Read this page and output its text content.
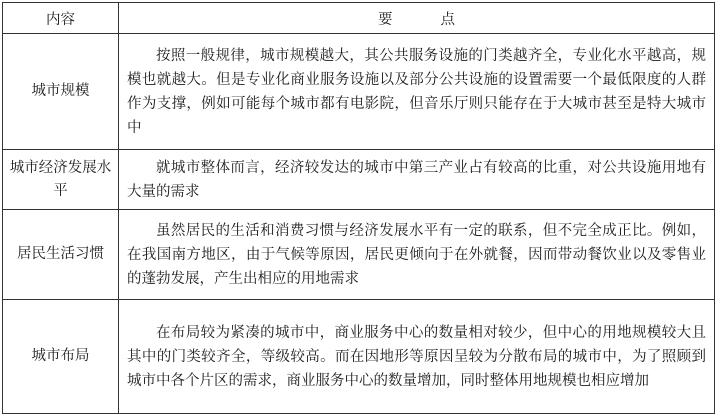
内容	要点
城市规模	按照一般规律，城市规模越大，其公共服务设施的门类越齐全，专业化水平越高，规模也就越大。但是专业化商业服务设施以及部分公共设施的设置需要一个最低限度的人群作为支撑，例如可能每个城市都有电影院，但音乐厅则只能存在于大城市甚至是特大城市中
城市经济发展水平	就城市整体而言，经济较发达的城市中第三产业占有较高的比重，对公共设施用地有大量的需求
居民生活习惯	虽然居民的生活和消费习惯与经济发展水平有一定的联系，但不完全成正比。例如，在我国南方地区，由于气候等原因，居民更倾向于在外就餐，因而带动餐饮业以及零售业的蓬勃发展，产生出相应的用地需求
城市布局	在布局较为紧凑的城市中，商业服务中心的数量相对较少，但中心的用地规模较大且其中的门类较齐全，等级较高。而在因地形等原因呈较为分散布局的城市中，为了照顾到城市中各个片区的需求，商业服务中心的数量增加，同时整体用地规模也相应增加
